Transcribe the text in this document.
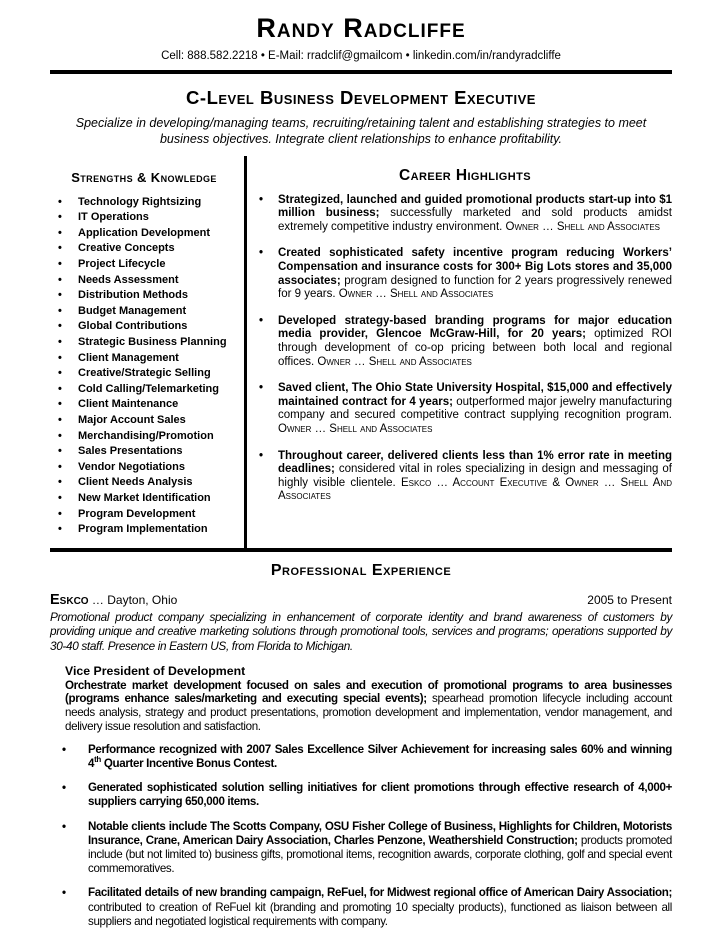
Randy Radcliffe
Cell: 888.582.2218 • E-Mail: rradclif@gmailcom • linkedin.com/in/randyradcliffe
C-Level Business Development Executive
Specialize in developing/managing teams, recruiting/retaining talent and establishing strategies to meet business objectives. Integrate client relationships to enhance profitability.
Strengths & Knowledge
• Technology Rightsizing
• IT Operations
• Application Development
• Creative Concepts
• Project Lifecycle
• Needs Assessment
• Distribution Methods
• Budget Management
• Global Contributions
• Strategic Business Planning
• Client Management
• Creative/Strategic Selling
• Cold Calling/Telemarketing
• Client Maintenance
• Major Account Sales
• Merchandising/Promotion
• Sales Presentations
• Vendor Negotiations
• Client Needs Analysis
• New Market Identification
• Program Development
• Program Implementation
Career Highlights
• Strategized, launched and guided promotional products start-up into $1 million business; successfully marketed and sold products amidst extremely competitive industry environment. Owner … Shell and Associates
• Created sophisticated safety incentive program reducing Workers’ Compensation and insurance costs for 300+ Big Lots stores and 35,000 associates; program designed to function for 2 years progressively renewed for 9 years. Owner … Shell and Associates
• Developed strategy-based branding programs for major education media provider, Glencoe McGraw-Hill, for 20 years; optimized ROI through development of co-op pricing between both local and regional offices. Owner … Shell and Associates
• Saved client, The Ohio State University Hospital, $15,000 and effectively maintained contract for 4 years; outperformed major jewelry manufacturing company and secured competitive contract supplying recognition program. Owner … Shell and Associates
• Throughout career, delivered clients less than 1% error rate in meeting deadlines; considered vital in roles specializing in design and messaging of highly visible clientele. Eskco … Account Executive & Owner … Shell And Associates
Professional Experience
Eskco … Dayton, Ohio	2005 to Present
Promotional product company specializing in enhancement of corporate identity and brand awareness of customers by providing unique and creative marketing solutions through promotional tools, services and programs; operations supported by 30-40 staff. Presence in Eastern US, from Florida to Michigan.
Vice President of Development
Orchestrate market development focused on sales and execution of promotional programs to area businesses (programs enhance sales/marketing and executing special events); spearhead promotion lifecycle including account needs analysis, strategy and product presentations, promotion development and implementation, vendor management, and delivery issue resolution and satisfaction.
• Performance recognized with 2007 Sales Excellence Silver Achievement for increasing sales 60% and winning 4th Quarter Incentive Bonus Contest.
• Generated sophisticated solution selling initiatives for client promotions through effective research of 4,000+ suppliers carrying 650,000 items.
• Notable clients include The Scotts Company, OSU Fisher College of Business, Highlights for Children, Motorists Insurance, Crane, American Dairy Association, Charles Penzone, Weathershield Construction; products promoted include (but not limited to) business gifts, promotional items, recognition awards, corporate clothing, golf and special event commemoratives.
• Facilitated details of new branding campaign, ReFuel, for Midwest regional office of American Dairy Association; contributed to creation of ReFuel kit (branding and promoting 10 specialty products), functioned as liaison between all suppliers and negotiated logistical requirements with company.
